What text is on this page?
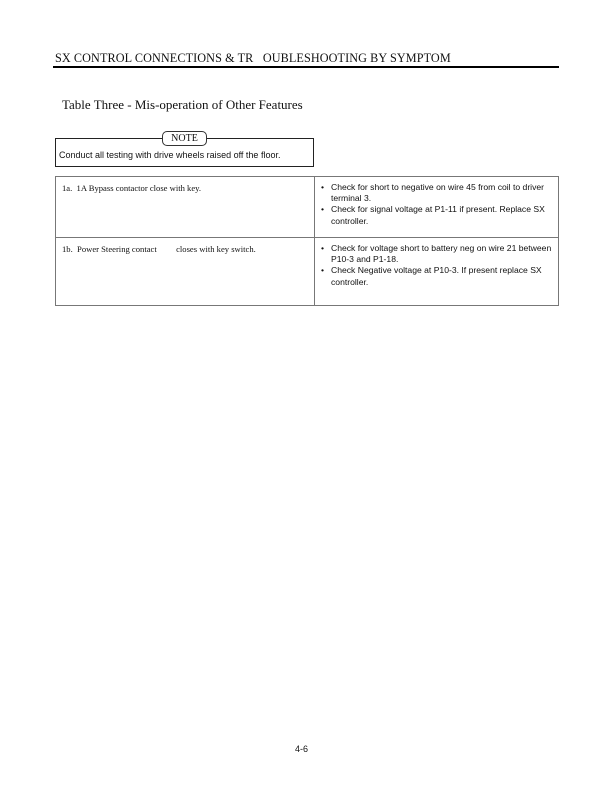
SX CONTROL CONNECTIONS & TR   OUBLESHOOTING BY SYMPTOM
Table Three - Mis-operation of Other Features
NOTE
Conduct all testing with drive wheels raised off the floor.
1a.  1A Bypass contactor close with key.	• Check for short to negative on wire 45 from coil to driver terminal 3.
• Check for signal voltage at P1-11 if present. Replace SX controller.

1b.  Power Steering contact         closes with key switch.	• Check for voltage short to battery neg on wire 21 between P10-3 and P1-18.
• Check Negative voltage at P10-3. If present replace SX controller.
4-6
